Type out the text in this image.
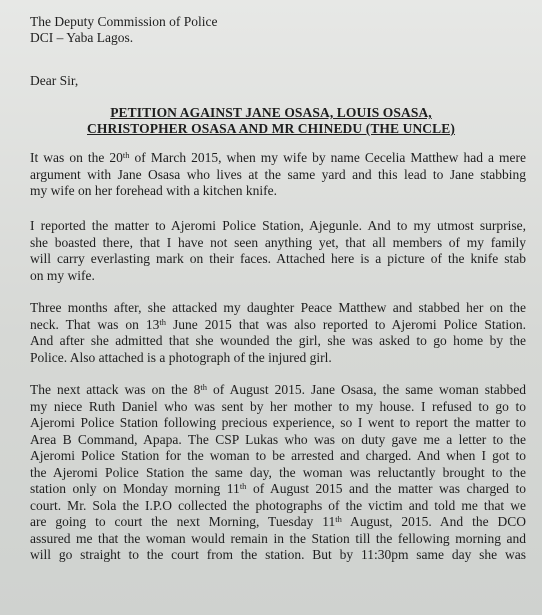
The Deputy Commission of Police
DCI – Yaba Lagos.
Dear Sir,
PETITION AGAINST JANE OSASA, LOUIS OSASA,
CHRISTOPHER OSASA AND MR CHINEDU (THE UNCLE)
It was on the 20th of March 2015, when my wife by name Cecelia Matthew had a mere
argument with Jane Osasa who lives at the same yard and this lead to Jane stabbing
my wife on her forehead with a kitchen knife.
I reported the matter to Ajeromi Police Station, Ajegunle. And to my utmost surprise,
she boasted there, that I have not seen anything yet, that all members of my family
will carry everlasting mark on their faces. Attached here is a picture of the knife stab
on my wife.
Three months after, she attacked my daughter Peace Matthew and stabbed her on the
neck. That was on 13th June 2015 that was also reported to Ajeromi Police Station.
And after she admitted that she wounded the girl, she was asked to go home by the
Police. Also attached is a photograph of the injured girl.
The next attack was on the 8th of August 2015. Jane Osasa, the same woman stabbed
my niece Ruth Daniel who was sent by her mother to my house. I refused to go to
Ajeromi Police Station following precious experience, so I went to report the matter to
Area B Command, Apapa. The CSP Lukas who was on duty gave me a letter to the
Ajeromi Police Station for the woman to be arrested and charged. And when I got to
the Ajeromi Police Station the same day, the woman was reluctantly brought to the
station only on Monday morning 11th of August 2015 and the matter was charged to
court. Mr. Sola the I.P.O collected the photographs of the victim and told me that we
are going to court the next Morning, Tuesday 11th August, 2015. And the DCO
assured me that the woman would remain in the Station till the fellowing morning and
will go straight to the court from the station. But by 11:30pm same day she was
